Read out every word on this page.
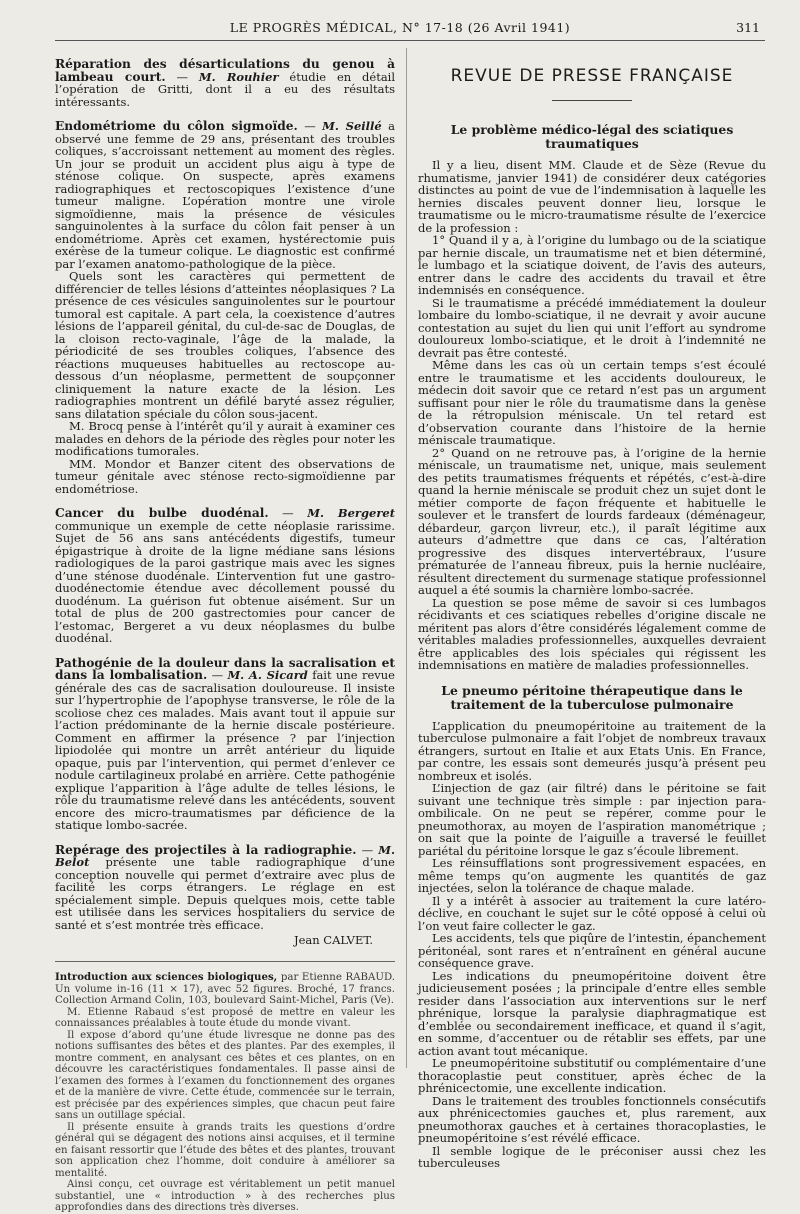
LE PROGRÈS MÉDICAL, N° 17-18 (26 Avril 1941)	311

Réparation des désarticulations du genou à lambeau court. — M. Rouhier étudie en détail l’opération de Gritti, dont il a eu des résultats intéressants.

Endométriome du côlon sigmoïde. — M. Seillé a observé une femme de 29 ans, présentant des troubles coliques, s’accroissant nettement au moment des règles. Un jour se produit un accident plus aigu à type de sténose colique. On suspecte, après examens radiographiques et rectoscopiques l’existence d’une tumeur maligne. L’opération montre une virole sigmoïdienne, mais la présence de vésicules sanguinolentes à la surface du côlon fait penser à un endométriome. Après cet examen, hystérectomie puis exérèse de la tumeur colique. Le diagnostic est confirmé par l’examen anatomo-pathologique de la pièce.

Quels sont les caractères qui permettent de différencier de telles lésions d’atteintes néoplasiques ? La présence de ces vésicules sanguinolentes sur le pourtour tumoral est capitale. A part cela, la coexistence d’autres lésions de l’appareil génital, du cul-de-sac de Douglas, de la cloison recto-vaginale, l’âge de la malade, la périodicité de ses troubles coliques, l’absence des réactions muqueuses habituelles au rectoscope au-dessous d’un néoplasme, permettent de soupçonner cliniquement la nature exacte de la lésion. Les radiographies montrent un défilé baryté assez régulier, sans dilatation spéciale du côlon sous-jacent.

M. Brocq pense à l’intérêt qu’il y aurait à examiner ces malades en dehors de la période des règles pour noter les modifications tumorales.

MM. Mondor et Banzer citent des observations de tumeur génitale avec sténose recto-sigmoïdienne par endométriose.

Cancer du bulbe duodénal. — M. Bergeret communique un exemple de cette néoplasie rarissime. Sujet de 56 ans sans antécédents digestifs, tumeur épigastrique à droite de la ligne médiane sans lésions radiologiques de la paroi gastrique mais avec les signes d’une sténose duodénale. L’intervention fut une gastro-duodénectomie étendue avec décollement poussé du duodénum. La guérison fut obtenue aisément. Sur un total de plus de 200 gastrectomies pour cancer de l’estomac, Bergeret a vu deux néoplasmes du bulbe duodénal.

Pathogénie de la douleur dans la sacralisation et dans la lombalisation. — M. A. Sicard fait une revue générale des cas de sacralisation douloureuse. Il insiste sur l’hypertrophie de l’apophyse transverse, le rôle de la scoliose chez ces malades. Mais avant tout il appuie sur l’action prédominante de la hernie discale postérieure. Comment en affirmer la présence ? par l’injection lipiodolée qui montre un arrêt antérieur du liquide opaque, puis par l’intervention, qui permet d’enlever ce nodule cartilagineux prolabé en arrière. Cette pathogénie explique l’apparition à l’âge adulte de telles lésions, le rôle du traumatisme relevé dans les antécédents, souvent encore des micro-traumatismes par déficience de la statique lombo-sacrée.

Repérage des projectiles à la radiographie. — M. Belot présente une table radiographique d’une conception nouvelle qui permet d’extraire avec plus de facilité les corps étrangers. Le réglage en est spécialement simple. Depuis quelques mois, cette table est utilisée dans les services hospitaliers du service de santé et s’est montrée très efficace.

Jean CALVET.

Introduction aux sciences biologiques, par Etienne RABAUD. Un volume in-16 (11 × 17), avec 52 figures. Broché, 17 francs. Collection Armand Colin, 103, boulevard Saint-Michel, Paris (Ve).

M. Etienne Rabaud s’est proposé de mettre en valeur les connaissances préalables à toute étude du monde vivant.

Il expose d’abord qu’une étude livresque ne donne pas des notions suffisantes des bêtes et des plantes. Par des exemples, il montre comment, en analysant ces bêtes et ces plantes, on en découvre les caractéristiques fondamentales. Il passe ainsi de l’examen des formes à l’examen du fonctionnement des organes et de la manière de vivre. Cette étude, commencée sur le terrain, est précisée par des expériences simples, que chacun peut faire sans un outillage spécial.

Il présente ensuite à grands traits les questions d’ordre général qui se dégagent des notions ainsi acquises, et il termine en faisant ressortir que l’étude des bêtes et des plantes, trouvant son application chez l’homme, doit conduire à améliorer sa mentalité.

Ainsi conçu, cet ouvrage est véritablement un petit manuel substantiel, une « introduction » à des recherches plus approfondies dans des directions très diverses.

REVUE DE PRESSE FRANÇAISE
Le problème médico-légal des sciatiques traumatiques

Il y a lieu, disent MM. Claude et de Sèze (Revue du rhumatisme, janvier 1941) de considérer deux catégories distinctes au point de vue de l’indemnisation à laquelle les hernies discales peuvent donner lieu, lorsque le traumatisme ou le micro-traumatisme résulte de l’exercice de la profession :

1° Quand il y a, à l’origine du lumbago ou de la sciatique par hernie discale, un traumatisme net et bien déterminé, le lumbago et la sciatique doivent, de l’avis des auteurs, entrer dans le cadre des accidents du travail et être indemnisés en conséquence.

Si le traumatisme a précédé immédiatement la douleur lombaire du lombo-sciatique, il ne devrait y avoir aucune contestation au sujet du lien qui unit l’effort au syndrome douloureux lombo-sciatique, et le droit à l’indemnité ne devrait pas être contesté.

Même dans les cas où un certain temps s’est écoulé entre le traumatisme et les accidents douloureux, le médecin doit savoir que ce retard n’est pas un argument suffisant pour nier le rôle du traumatisme dans la genèse de la rétropulsion méniscale. Un tel retard est d’observation courante dans l’histoire de la hernie méniscale traumatique.

2° Quand on ne retrouve pas, à l’origine de la hernie méniscale, un traumatisme net, unique, mais seulement des petits traumatismes fréquents et répétés, c’est-à-dire quand la hernie méniscale se produit chez un sujet dont le métier comporte de façon fréquente et habituelle le soulever et le transfert de lourds fardeaux (déménageur, débardeur, garçon livreur, etc.), il paraît légitime aux auteurs d’admettre que dans ce cas, l’altération progressive des disques intervertébraux, l’usure prématurée de l’anneau fibreux, puis la hernie nucléaire, résultent directement du surmenage statique professionnel auquel a été soumis la charnière lombo-sacrée.

La question se pose même de savoir si ces lumbagos récidivants et ces sciatiques rebelles d’origine discale ne méritent pas alors d’être considérés légalement comme de véritables maladies professionnelles, auxquelles devraient être applicables des lois spéciales qui régissent les indemnisations en matière de maladies professionnelles.

Le pneumo péritoine thérapeutique dans le traitement de la tuberculose pulmonaire

L’application du pneumopéritoine au traitement de la tuberculose pulmonaire a fait l’objet de nombreux travaux étrangers, surtout en Italie et aux Etats Unis. En France, par contre, les essais sont demeurés jusqu’à présent peu nombreux et isolés.

L’injection de gaz (air filtré) dans le péritoine se fait suivant une technique très simple : par injection para-ombilicale. On ne peut se repérer, comme pour le pneumothorax, au moyen de l’aspiration manométrique ; on sait que la pointe de l’aiguille a traversé le feuillet pariétal du péritoine lorsque le gaz s’écoule librement.

Les réinsufflations sont progressivement espacées, en même temps qu’on augmente les quantités de gaz injectées, selon la tolérance de chaque malade.

Il y a intérêt à associer au traitement la cure latéro-déclive, en couchant le sujet sur le côté opposé à celui où l’on veut faire collecter le gaz.

Les accidents, tels que piqûre de l’intestin, épanchement péritonéal, sont rares et n’entraînent en général aucune conséquence grave.

Les indications du pneumopéritoine doivent être judicieusement posées ; la principale d’entre elles semble resider dans l’association aux interventions sur le nerf phrénique, lorsque la paralysie diaphragmatique est d’emblée ou secondairement inefficace, et quand il s’agit, en somme, d’accentuer ou de rétablir ses effets, par une action avant tout mécanique.

Le pneumopéritoine substitutif ou complémentaire d’une thoracoplastie peut constituer, après échec de la phrénicectomie, une excellente indication.

Dans le traitement des troubles fonctionnels consécutifs aux phrénicectomies gauches et, plus rarement, aux pneumothorax gauches et à certaines thoracoplasties, le pneumopéritoine s’est révélé efficace.

Il semble logique de le préconiser aussi chez les tuberculeuses
